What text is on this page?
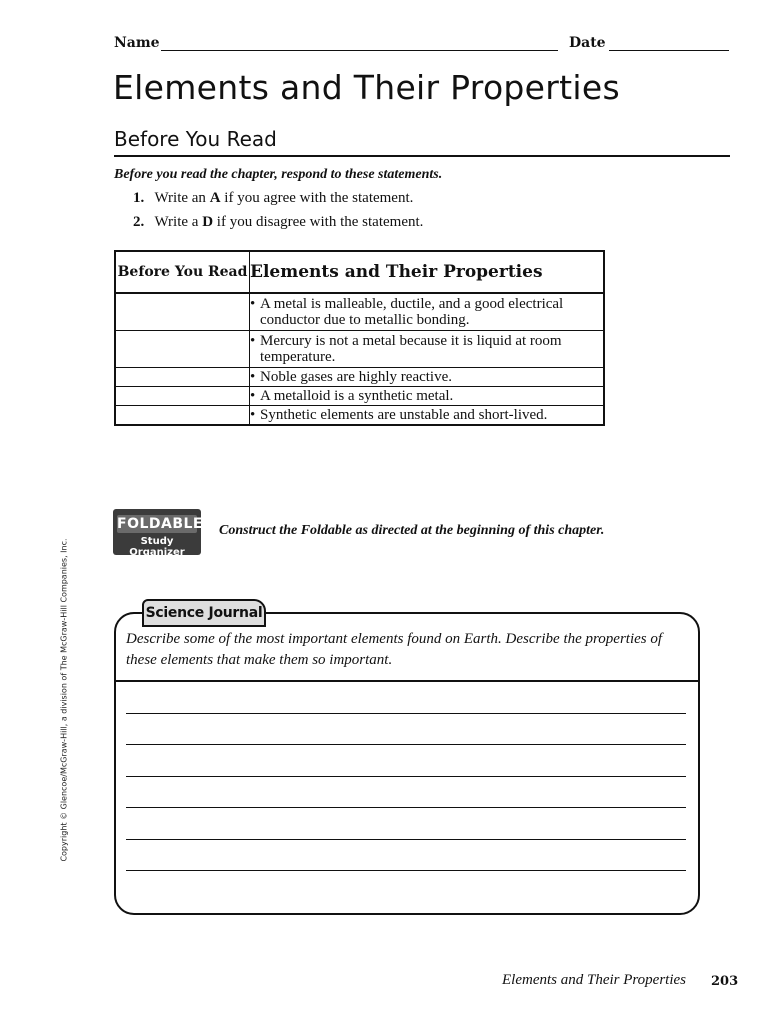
Name	Date
Elements and Their Properties
Before You Read
Before you read the chapter, respond to these statements.
1. Write an A if you agree with the statement.
2. Write a D if you disagree with the statement.
Before You Read	Elements and Their Properties
	• A metal is malleable, ductile, and a good electrical conductor due to metallic bonding.
	• Mercury is not a metal because it is liquid at room temperature.
	• Noble gases are highly reactive.
	• A metalloid is a synthetic metal.
	• Synthetic elements are unstable and short-lived.
FOLDABLES™
Study Organizer
Construct the Foldable as directed at the beginning of this chapter.
Science Journal
Describe some of the most important elements found on Earth. Describe the properties of these elements that make them so important.
Copyright © Glencoe/McGraw-Hill, a division of The McGraw-Hill Companies, Inc.
Elements and Their Properties 203
